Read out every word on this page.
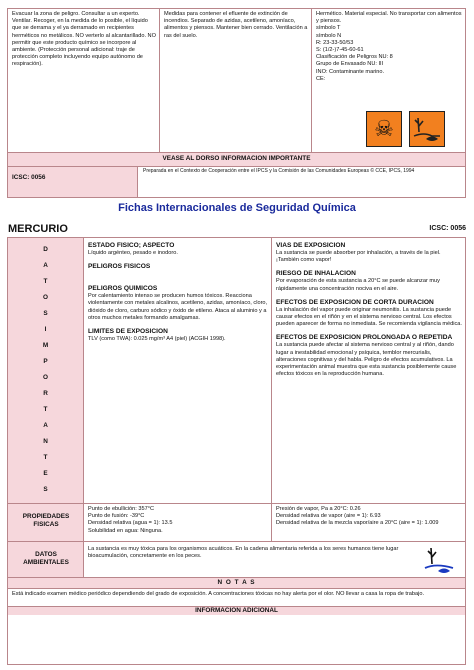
Evacuar la zona de peligro. Consultar a un experto. Ventilar. Recoger, en la medida de lo posible, el líquido que se derrama y el ya derramado en recipientes herméticos no metálicos. NO verterlo al alcantarillado. NO permitir que este producto químico se incorpore al ambiente. (Protección personal adicional: traje de protección completo incluyendo equipo autónomo de respiración).
Medidas para contener el efluente de extinción de incendios. Separado de azidas, acetileno, amoníaco, alimentos y piensos. Mantener bien cerrado. Ventilación a ras del suelo.
Hermético. Material especial. No transportar con alimentos y piensos.
símbolo T
símbolo N
R: 23-33-50/53
S: (1/2-)7-45-60-61
Clasificación de Peligros NU: 8
Grupo de Envasado NU: III
INO: Contaminante marino.
CE:
☠
VEASE AL DORSO INFORMACION IMPORTANTE
ICSC: 0056
Preparada en el Contexto de Cooperación entre el IPCS y la Comisión de las Comunidades Europeas © CCE, IPCS, 1994
Fichas Internacionales de Seguridad Química
MERCURIO	ICSC: 0056
D
A
T
O
S
I
M
P
O
R
T
A
N
T
E
S
ESTADO FISICO; ASPECTO
Líquido argénteo, pesado e inodoro.
PELIGROS FISICOS
PELIGROS QUIMICOS
Por calentamiento intenso se producen humos tóxicos. Reacciona violentamente con metales alcalinos, acetileno, azidas, amoníaco, cloro, dióxido de cloro, carburo sódico y óxido de etileno. Ataca al aluminio y a otros muchos metales formando amalgamas.
LIMITES DE EXPOSICION
TLV (como TWA): 0.025 mg/m³ A4 (piel) (ACGIH 1998).
VIAS DE EXPOSICION
La sustancia se puede absorber por inhalación, a través de la piel. ¡También como vapor!
RIESGO DE INHALACION
Por evaporación de esta sustancia a 20°C se puede alcanzar muy rápidamente una concentración nociva en el aire.
EFECTOS DE EXPOSICION DE CORTA DURACION
La inhalación del vapor puede originar neumonitis. La sustancia puede causar efectos en el riñón y en el sistema nervioso central. Los efectos pueden aparecer de forma no inmediata. Se recomienda vigilancia médica.
EFECTOS DE EXPOSICION PROLONGADA O REPETIDA
La sustancia puede afectar al sistema nervioso central y al riñón, dando lugar a inestabilidad emocional y psíquica, temblor mercurialis, alteraciones cognitivas y del habla. Peligro de efectos acumulativos. La experimentación animal muestra que esta sustancia posiblemente cause efectos tóxicos en la reproducción humana.
PROPIEDADES FISICAS
Punto de ebullición: 357°C
Punto de fusión: -39°C
Densidad relativa (agua = 1): 13.5
Solubilidad en agua: Ninguna.
Presión de vapor, Pa a 20°C: 0.26
Densidad relativa de vapor (aire = 1): 6.93
Densidad relativa de la mezcla vapor/aire a 20°C (aire = 1): 1.009
DATOS AMBIENTALES
La sustancia es muy tóxica para los organismos acuáticos. En la cadena alimentaria referida a los seres humanos tiene lugar bioacumulación, concretamente en los peces.
N O T A S
Está indicado examen médico periódico dependiendo del grado de exposición. A concentraciones tóxicas no hay alerta por el olor. NO llevar a casa la ropa de trabajo.
INFORMACION ADICIONAL
